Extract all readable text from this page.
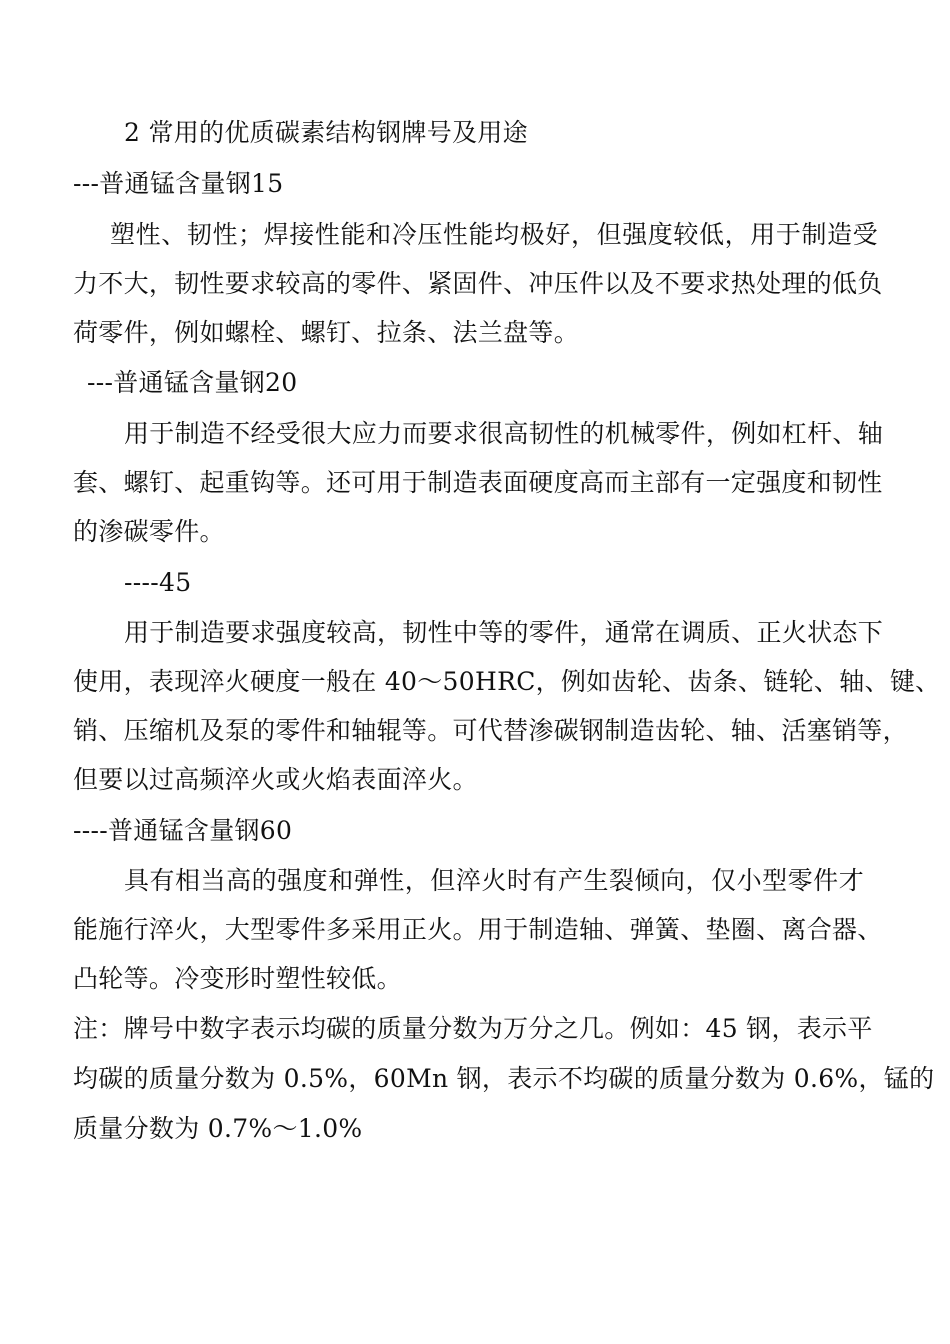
2 常用的优质碳素结构钢牌号及用途
---普通锰含量钢15
塑性、韧性；焊接性能和冷压性能均极好，但强度较低，用于制造受
力不大，韧性要求较高的零件、紧固件、冲压件以及不要求热处理的低负
荷零件，例如螺栓、螺钉、拉条、法兰盘等。
---普通锰含量钢20
用于制造不经受很大应力而要求很高韧性的机械零件，例如杠杆、轴
套、螺钉、起重钩等。还可用于制造表面硬度高而主部有一定强度和韧性
的渗碳零件。
----45
用于制造要求强度较高，韧性中等的零件，通常在调质、正火状态下
使用，表现淬火硬度一般在 40～50HRC，例如齿轮、齿条、链轮、轴、键、
销、压缩机及泵的零件和轴辊等。可代替渗碳钢制造齿轮、轴、活塞销等，
但要以过高频淬火或火焰表面淬火。
----普通锰含量钢60
具有相当高的强度和弹性，但淬火时有产生裂倾向，仅小型零件才
能施行淬火，大型零件多采用正火。用于制造轴、弹簧、垫圈、离合器、
凸轮等。冷变形时塑性较低。
注：牌号中数字表示均碳的质量分数为万分之几。例如：45 钢，表示平
均碳的质量分数为 0.5%，60Mn 钢，表示不均碳的质量分数为 0.6%，锰的
质量分数为 0.7%～1.0%
